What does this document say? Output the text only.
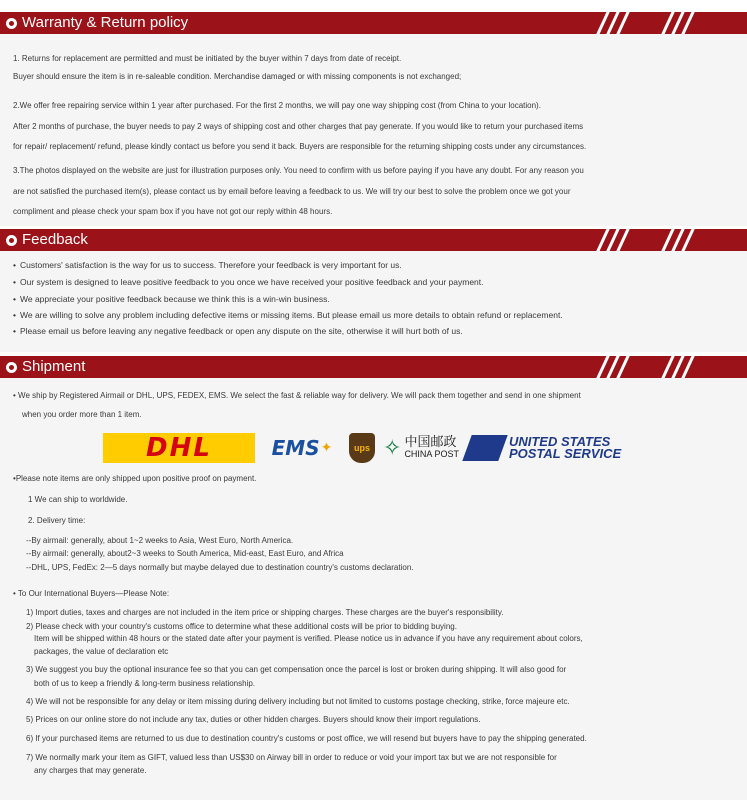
Warranty & Return policy
1. Returns for replacement are permitted and must be initiated by the buyer within 7 days from date of receipt.
Buyer should ensure the item is in re-saleable condition. Merchandise damaged or with missing components is not exchanged;
2.We offer free repairing service within 1 year after purchased. For the first 2 months, we will pay one way shipping cost (from China to your location).
After 2 months of purchase, the buyer needs to pay 2 ways of shipping cost and other charges that pay generate. If you would like to return your purchased items
for repair/ replacement/ refund, please kindly contact us before you send it back. Buyers are responsible for the returning shipping costs under any circumstances.
3.The photos displayed on the website are just for illustration purposes only. You need to confirm with us before paying if you have any doubt. For any reason you
are not satisfied the purchased item(s), please contact us by email before leaving a feedback to us. We will try our best to solve the problem once we got your
compliment and please check your spam box if you have not got our reply within 48 hours.
Feedback
• Customers' satisfaction is the way for us to success. Therefore your feedback is very important for us.
• Our system is designed to leave positive feedback to you once we have received your positive feedback and your payment.
• We appreciate your positive feedback because we think this is a win-win business.
• We are willing to solve any problem including defective items or missing items. But please email us more details to obtain refund or replacement.
• Please email us before leaving any negative feedback or open any dispute on the site, otherwise it will hurt both of us.
Shipment
• We ship by Registered Airmail or DHL, UPS, FEDEX, EMS. We select the fast & reliable way for delivery. We will pack them together and send in one shipment
when you order more than 1 item.
DHL	EMS ✦	ups ✧ 中国邮政
CHINA POST
UNITED STATES
POSTAL SERVICE
•Please note items are only shipped upon positive proof on payment.
1 We can ship to worldwide.
2. Delivery time:
--By airmail: generally, about 1~2 weeks to Asia, West Euro, North America.
--By airmail: generally, about2~3 weeks to South America, Mid-east, East Euro, and Africa
--DHL, UPS, FedEx: 2—5 days normally but maybe delayed due to destination country's customs declaration.
• To Our International Buyers—Please Note:
1) Import duties, taxes and charges are not included in the item price or shipping charges. These charges are the buyer's responsibility.
2) Please check with your country's customs office to determine what these additional costs will be prior to bidding buying.
Item will be shipped within 48 hours or the stated date after your payment is verified. Please notice us in advance if you have any requirement about colors,
packages, the value of declaration etc
3) We suggest you buy the optional insurance fee so that you can get compensation once the parcel is lost or broken during shipping. It will also good for
both of us to keep a friendly & long-term business relationship.
4) We will not be responsible for any delay or item missing during delivery including but not limited to customs postage checking, strike, force majeure etc.
5) Prices on our online store do not include any tax, duties or other hidden charges. Buyers should know their import regulations.
6) If your purchased items are returned to us due to destination country's customs or post office, we will resend but buyers have to pay the shipping generated.
7) We normally mark your item as GIFT, valued less than US$30 on Airway bill in order to reduce or void your import tax but we are not responsible for
any charges that may generate.
